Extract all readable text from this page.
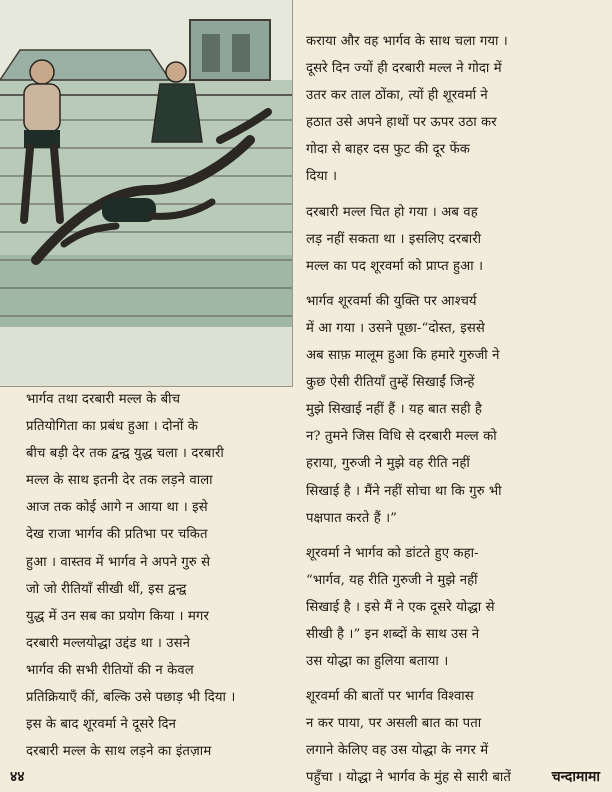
कराया और वह भार्गव के साथ चला गया ।

दूसरे दिन ज्यों ही दरबारी मल्ल ने गोदा में

उतर कर ताल ठोंका, त्यों ही शूरवर्मा ने

हठात उसे अपने हाथों पर ऊपर उठा कर

गोदा से बाहर दस फुट की दूर फेंक

दिया ।

दरबारी मल्ल चित हो गया । अब वह

लड़ नहीं सकता था । इसलिए दरबारी

मल्ल का पद शूरवर्मा को प्राप्त हुआ ।

भार्गव शूरवर्मा की युक्ति पर आश्चर्य

में आ गया । उसने पूछा-“दोस्त, इससे

अब साफ़ मालूम हुआ कि हमारे गुरुजी ने

कुछ ऐसी रीतियाँ तुम्हें सिखाईं जिन्हें

मुझे सिखाई नहीं हैं । यह बात सही है

न? तुमने जिस विधि से दरबारी मल्ल को

हराया, गुरुजी ने मुझे वह रीति नहीं

सिखाई है । मैंने नहीं सोचा था कि गुरु भी

पक्षपात करते हैं ।”

शूरवर्मा ने भार्गव को डांटते हुए कहा-

“भार्गव, यह रीति गुरुजी ने मुझे नहीं

सिखाई है । इसे मैं ने एक दूसरे योद्धा से

सीखी है ।” इन शब्दों के साथ उस ने

उस योद्धा का हुलिया बताया ।

शूरवर्मा की बातों पर भार्गव विश्वास

न कर पाया, पर असली बात का पता

लगाने केलिए वह उस योद्धा के नगर में

पहुँचा । योद्धा ने भार्गव के मुंह से सारी बातें

भार्गव तथा दरबारी मल्ल के बीच

प्रतियोगिता का प्रबंध हुआ । दोनों के

बीच बड़ी देर तक द्वन्द्व युद्ध चला । दरबारी

मल्ल के साथ इतनी देर तक लड़ने वाला

आज तक कोई आगे न आया था । इसे

देख राजा भार्गव की प्रतिभा पर चकित

हुआ । वास्तव में भार्गव ने अपने गुरु से

जो जो रीतियाँ सीखी थीं, इस द्वन्द्व

युद्ध में उन सब का प्रयोग किया । मगर

दरबारी मल्लयोद्धा उद्दंड था । उसने

भार्गव की सभी रीतियों की न केवल

प्रतिक्रियाएँ कीं, बल्कि उसे पछाड़ भी दिया ।

इस के बाद शूरवर्मा ने दूसरे दिन

दरबारी मल्ल के साथ लड़ने का इंतज़ाम

४४	चन्दामामा
